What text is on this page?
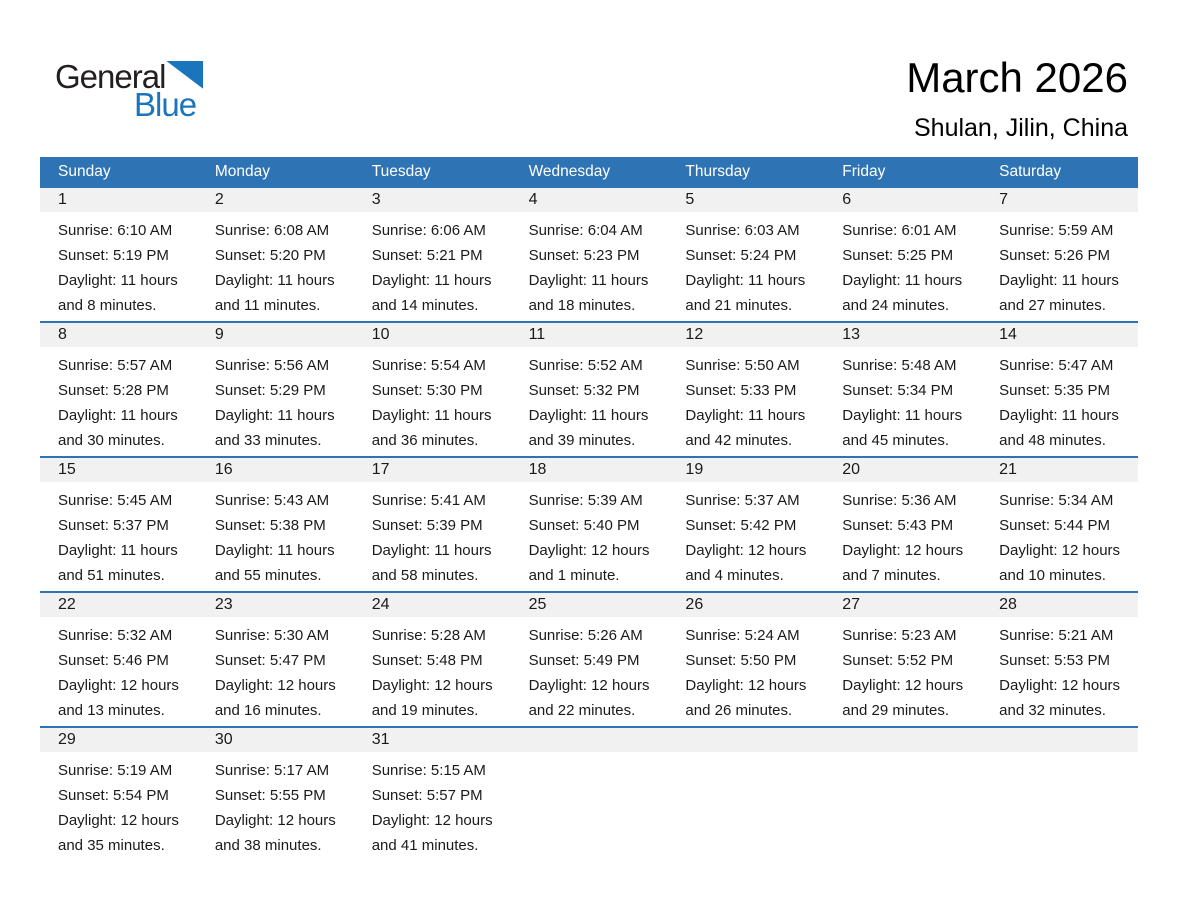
General
Blue
March 2026
Shulan, Jilin, China
Sunday	Monday	Tuesday	Wednesday	Thursday	Friday	Saturday
1	2	3	4	5	6	7
Sunrise: 6:10 AM
Sunset: 5:19 PM
Daylight: 11 hours
and 8 minutes.
Sunrise: 6:08 AM
Sunset: 5:20 PM
Daylight: 11 hours
and 11 minutes.
Sunrise: 6:06 AM
Sunset: 5:21 PM
Daylight: 11 hours
and 14 minutes.
Sunrise: 6:04 AM
Sunset: 5:23 PM
Daylight: 11 hours
and 18 minutes.
Sunrise: 6:03 AM
Sunset: 5:24 PM
Daylight: 11 hours
and 21 minutes.
Sunrise: 6:01 AM
Sunset: 5:25 PM
Daylight: 11 hours
and 24 minutes.
Sunrise: 5:59 AM
Sunset: 5:26 PM
Daylight: 11 hours
and 27 minutes.
8	9	10	11	12	13	14
Sunrise: 5:57 AM
Sunset: 5:28 PM
Daylight: 11 hours
and 30 minutes.
Sunrise: 5:56 AM
Sunset: 5:29 PM
Daylight: 11 hours
and 33 minutes.
Sunrise: 5:54 AM
Sunset: 5:30 PM
Daylight: 11 hours
and 36 minutes.
Sunrise: 5:52 AM
Sunset: 5:32 PM
Daylight: 11 hours
and 39 minutes.
Sunrise: 5:50 AM
Sunset: 5:33 PM
Daylight: 11 hours
and 42 minutes.
Sunrise: 5:48 AM
Sunset: 5:34 PM
Daylight: 11 hours
and 45 minutes.
Sunrise: 5:47 AM
Sunset: 5:35 PM
Daylight: 11 hours
and 48 minutes.
15	16	17	18	19	20	21
Sunrise: 5:45 AM
Sunset: 5:37 PM
Daylight: 11 hours
and 51 minutes.
Sunrise: 5:43 AM
Sunset: 5:38 PM
Daylight: 11 hours
and 55 minutes.
Sunrise: 5:41 AM
Sunset: 5:39 PM
Daylight: 11 hours
and 58 minutes.
Sunrise: 5:39 AM
Sunset: 5:40 PM
Daylight: 12 hours
and 1 minute.
Sunrise: 5:37 AM
Sunset: 5:42 PM
Daylight: 12 hours
and 4 minutes.
Sunrise: 5:36 AM
Sunset: 5:43 PM
Daylight: 12 hours
and 7 minutes.
Sunrise: 5:34 AM
Sunset: 5:44 PM
Daylight: 12 hours
and 10 minutes.
22	23	24	25	26	27	28
Sunrise: 5:32 AM
Sunset: 5:46 PM
Daylight: 12 hours
and 13 minutes.
Sunrise: 5:30 AM
Sunset: 5:47 PM
Daylight: 12 hours
and 16 minutes.
Sunrise: 5:28 AM
Sunset: 5:48 PM
Daylight: 12 hours
and 19 minutes.
Sunrise: 5:26 AM
Sunset: 5:49 PM
Daylight: 12 hours
and 22 minutes.
Sunrise: 5:24 AM
Sunset: 5:50 PM
Daylight: 12 hours
and 26 minutes.
Sunrise: 5:23 AM
Sunset: 5:52 PM
Daylight: 12 hours
and 29 minutes.
Sunrise: 5:21 AM
Sunset: 5:53 PM
Daylight: 12 hours
and 32 minutes.
29	30	31
Sunrise: 5:19 AM
Sunset: 5:54 PM
Daylight: 12 hours
and 35 minutes.
Sunrise: 5:17 AM
Sunset: 5:55 PM
Daylight: 12 hours
and 38 minutes.
Sunrise: 5:15 AM
Sunset: 5:57 PM
Daylight: 12 hours
and 41 minutes.
